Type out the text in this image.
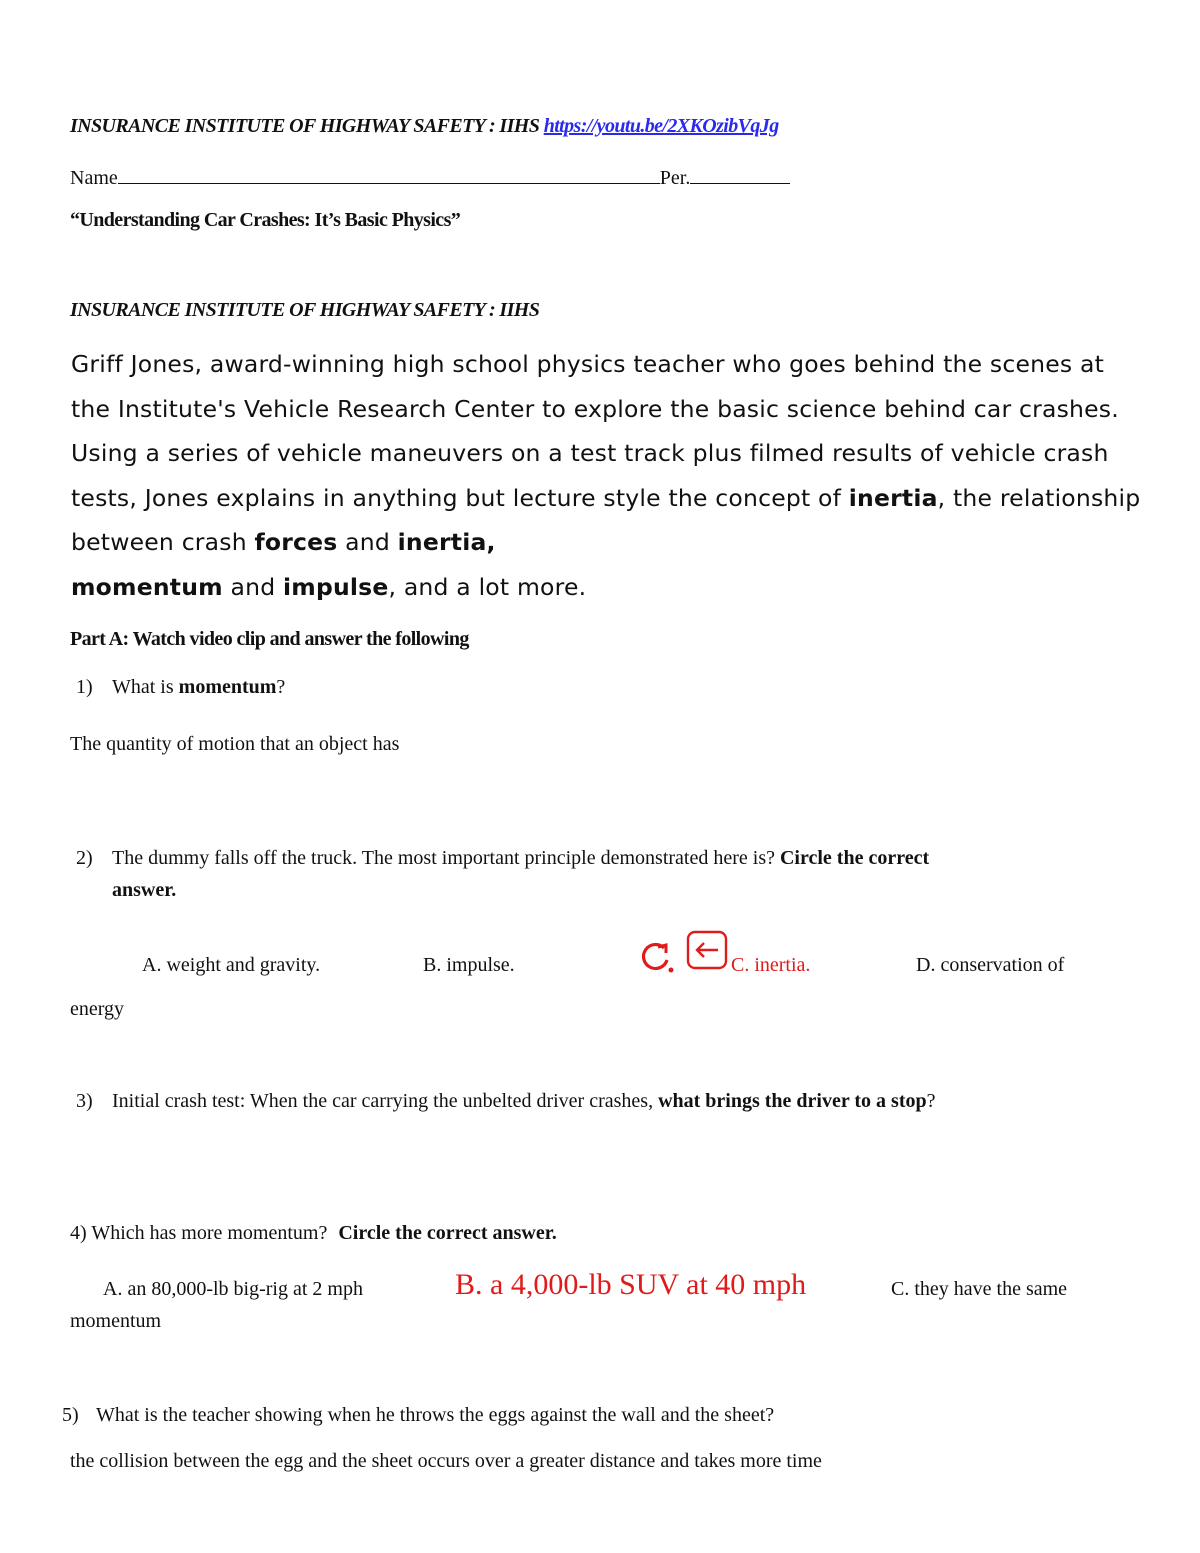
INSURANCE INSTITUTE OF HIGHWAY SAFETY : IIHS https://youtu.be/2XKOzibVqJg
Name	Per.
“Understanding Car Crashes: It’s Basic Physics”
INSURANCE INSTITUTE OF HIGHWAY SAFETY : IIHS
Griff Jones, award-winning high school physics teacher who goes behind the scenes at the Institute's Vehicle Research Center to explore the basic science behind car crashes. Using a series of vehicle maneuvers on a test track plus filmed results of vehicle crash tests, Jones explains in anything but lecture style the concept of inertia, the relationship between crash forces and inertia,
momentum and impulse, and a lot more.
Part A: Watch video clip and answer the following
1) What is momentum?
The quantity of motion that an object has
2) The dummy falls off the truck. The most important principle demonstrated here is? Circle the correct
answer.
A. weight and gravity.	B. impulse.	C. inertia.	D. conservation of
energy
3) Initial crash test: When the car carrying the unbelted driver crashes, what brings the driver to a stop?
4) Which has more momentum? Circle the correct answer.
A. an 80,000-lb big-rig at 2 mph	B. a 4,000-lb SUV at 40 mph	C. they have the same
momentum
5) What is the teacher showing when he throws the eggs against the wall and the sheet?
the collision between the egg and the sheet occurs over a greater distance and takes more time
